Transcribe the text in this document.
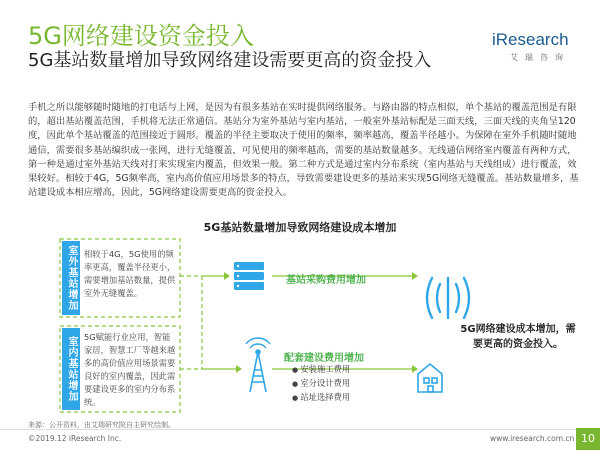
5G网络建设资金投入
5G基站数量增加导致网络建设需要更高的资金投入
iResearch
艾瑞咨询
手机之所以能够随时随地的打电话与上网，是因为有很多基站在实时提供网络服务。与路由器的特点相似，单个基站的覆盖范围是有限的，超出基站覆盖范围，手机将无法正常通信。基站分为室外基站与室内基站，一般室外基站标配是三面天线，三面天线的夹角呈120度，因此单个基站覆盖的范围接近于圆形。覆盖的半径主要取决于使用的频率，频率越高，覆盖半径越小。为保障在室外手机随时随地通信，需要很多基站编织成一张网，进行无缝覆盖，可见使用的频率越高，需要的基站数量越多。无线通信网络室内覆盖有两种方式，第一种是通过室外基站天线对打来实现室内覆盖，但效果一般。第二种方式是通过室内分布系统（室内基站与天线组成）进行覆盖，效果较好。相较于4G，5G频率高，室内高价值应用场景多的特点，导致需要建设更多的基站来实现5G网络无缝覆盖。基站数量增多，基站建设成本相应增高，因此，5G网络建设需要更高的资金投入。
5G基站数量增加导致网络建设成本增加
室外基站增加 相较于4G，5G使用的频率更高，覆盖半径更小，需要增加基站数量，提供室外无缝覆盖。
室内基站增加 5G赋能行业应用，智能家居，智慧工厂等越来越多的高价值应用场景需要良好的室内覆盖，因此需要建设更多的室内分布系统。
基站采购费用增加
配套建设费用增加
● 安装施工费用
● 室分设计费用
● 站址选择费用
5G网络建设成本增加，需要更高的资金投入。
来源：公开资料，由艾瑞研究院自主研究绘制。
©2019.12 iResearch Inc.	www.iresearch.com.cn 10
